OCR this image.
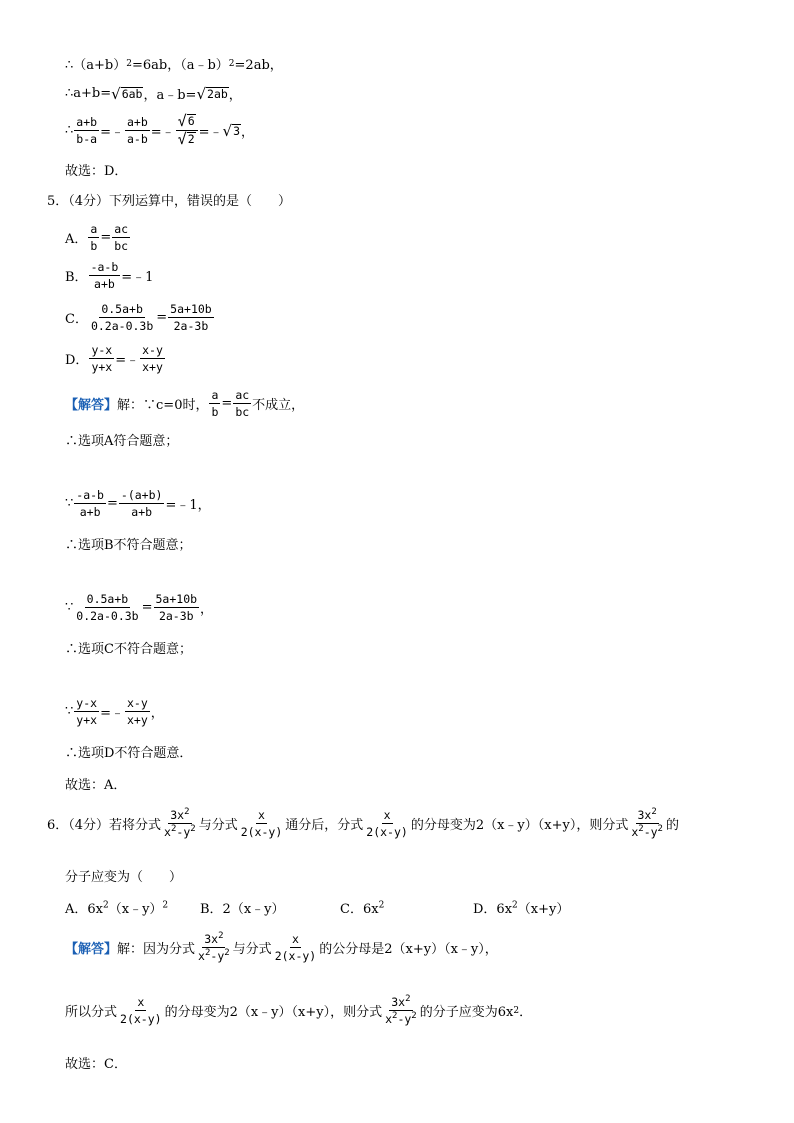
∴（a+b） 2 =6ab，（a﹣b） 2 =2ab，
∴a+b= √ 6ab ，a﹣b= √ 2ab ，
∴ $\frac{a+b}{b-a}$ =﹣ $\frac{a+b}{a-b}$ =﹣ $\frac{√ 6}{√ 2}$ =﹣ √ 3 ，
故选：D．
5．（4分）下列运算中，错误的是（　　）
A． $\frac{a}{b} = \frac{ac}{bc}$
B． $\frac{-a-b}{a+b}$ =﹣1
C． $\frac{0.5a+b}{0.2a-0.3b} = \frac{5a+10b}{2a-3b}$
D． $\frac{y-x}{y+x}$ =﹣ $\frac{x-y}{x+y}$
【解答】 解：∵c=0时， $\frac{a}{b} = \frac{ac}{bc}$ 不成立，
∴选项A符合题意；
∵ $\frac{-a-b}{a+b} = \frac{-(a+b)}{a+b}$ =﹣1，
∴选项B不符合题意；
∵ $\frac{0.5a+b}{0.2a-0.3b} = \frac{5a+10b}{2a-3b}$ ，
∴选项C不符合题意；
∵ $\frac{y-x}{y+x}$ =﹣ $\frac{x-y}{x+y}$ ，
∴选项D不符合题意．
故选：A．
6．（4分）若将分式 $\frac{3x^2}{x^2-y^2}$ 与分式 $\frac{x}{2(x-y)}$ 通分后，分式 $\frac{x}{2(x-y)}$ 的分母变为2（x﹣y）（x+y），则分式 $\frac{3x^2}{x^2-y^2}$ 的
分子应变为（　　）
A．$6x^2(x﹣y)^2$ B．2（x﹣y）	C．$6x^2$	D．$6x^2(x+y)$
【解答】 解：因为分式 $\frac{3x^2}{x^2-y^2}$ 与分式 $\frac{x}{2(x-y)}$ 的公分母是2（x+y）（x﹣y），
所以分式 $\frac{x}{2(x-y)}$ 的分母变为2（x﹣y）（x+y），则分式 $\frac{3x^2}{x^2-y^2}$ 的分子应变为6x 2 ．
故选：C．
